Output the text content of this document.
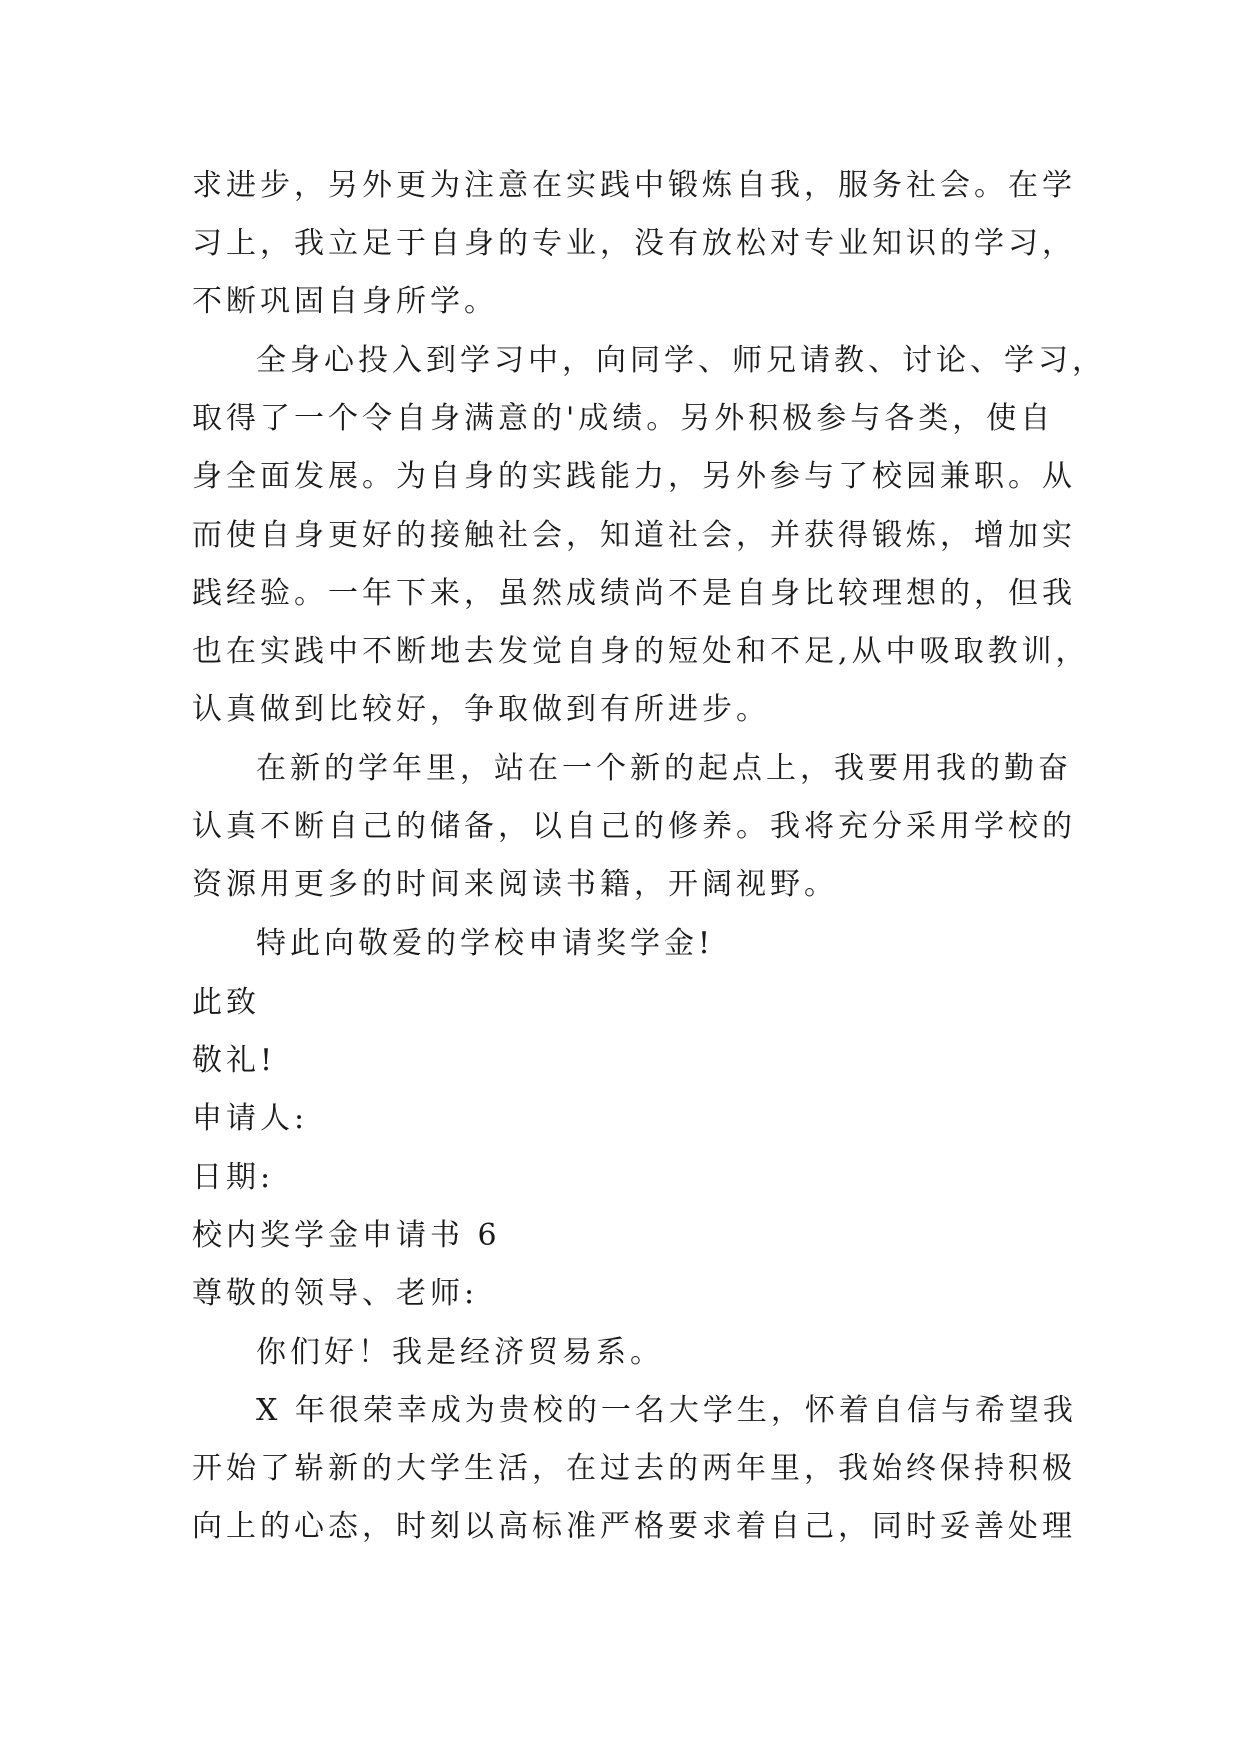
求进步，另外更为注意在实践中锻炼自我，服务社会。在学
习上，我立足于自身的专业，没有放松对专业知识的学习，
不断巩固自身所学。
全身心投入到学习中，向同学、师兄请教、讨论、学习，
取得了一个令自身满意的'成绩。另外积极参与各类，使自
身全面发展。为自身的实践能力，另外参与了校园兼职。从
而使自身更好的接触社会，知道社会，并获得锻炼，增加实
践经验。一年下来，虽然成绩尚不是自身比较理想的，但我
也在实践中不断地去发觉自身的短处和不足,从中吸取教训，
认真做到比较好，争取做到有所进步。
在新的学年里，站在一个新的起点上，我要用我的勤奋
认真不断自己的储备，以自己的修养。我将充分采用学校的
资源用更多的时间来阅读书籍，开阔视野。
特此向敬爱的学校申请奖学金!
此致
敬礼!
申请人:
日期:
校内奖学金申请书 6
尊敬的领导、老师:
你们好！我是经济贸易系。
X 年很荣幸成为贵校的一名大学生，怀着自信与希望我
开始了崭新的大学生活，在过去的两年里，我始终保持积极
向上的心态，时刻以高标准严格要求着自己，同时妥善处理
